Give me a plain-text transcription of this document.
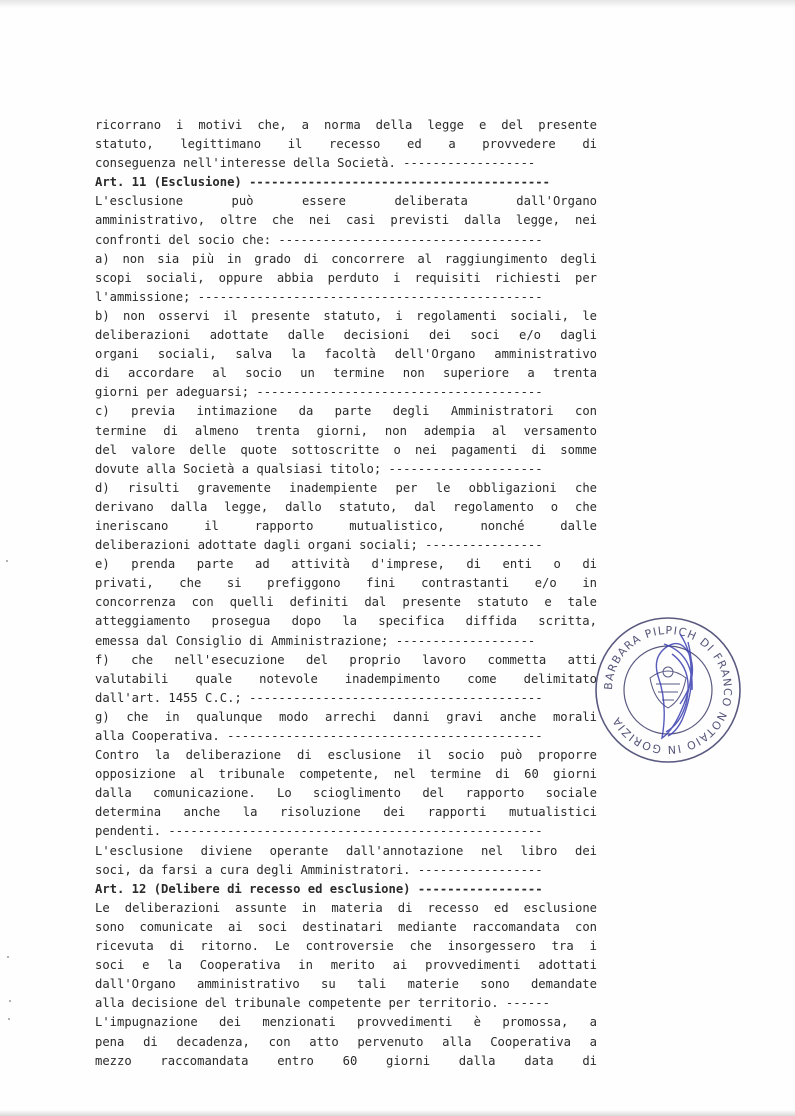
ricorrano i motivi che, a norma della legge e del presente
statuto, legittimano il recesso ed a provvedere di
conseguenza nell'interesse della Società. ------------------
Art. 11 (Esclusione) -----------------------------------------
L'esclusione può essere deliberata dall'Organo
amministrativo, oltre che nei casi previsti dalla legge, nei
confronti del socio che: ------------------------------------
a) non sia più in grado di concorrere al raggiungimento degli
scopi sociali, oppure abbia perduto i requisiti richiesti per
l'ammissione; -----------------------------------------------
b) non osservi il presente statuto, i regolamenti sociali, le
deliberazioni adottate dalle decisioni dei soci e/o dagli
organi sociali, salva la facoltà dell'Organo amministrativo
di accordare al socio un termine non superiore a trenta
giorni per adeguarsi; ---------------------------------------
c) previa intimazione da parte degli Amministratori con
termine di almeno trenta giorni, non adempia al versamento
del valore delle quote sottoscritte o nei pagamenti di somme
dovute alla Società a qualsiasi titolo; ---------------------
d) risulti gravemente inadempiente per le obbligazioni che
derivano dalla legge, dallo statuto, dal regolamento o che
ineriscano il rapporto mutualistico, nonché dalle
deliberazioni adottate dagli organi sociali; ----------------
e) prenda parte ad attività d'imprese, di enti o di
privati, che si prefiggono fini contrastanti e/o in
concorrenza con quelli definiti dal presente statuto e tale
atteggiamento prosegua dopo la specifica diffida scritta,
emessa dal Consiglio di Amministrazione; -------------------
f) che nell'esecuzione del proprio lavoro commetta atti
valutabili quale notevole inadempimento come delimitato
dall'art. 1455 C.C.; ----------------------------------------
g) che in qualunque modo arrechi danni gravi anche morali
alla Cooperativa. -------------------------------------------
Contro la deliberazione di esclusione il socio può proporre
opposizione al tribunale competente, nel termine di 60 giorni
dalla comunicazione. Lo scioglimento del rapporto sociale
determina anche la risoluzione dei rapporti mutualistici
pendenti. ---------------------------------------------------
L'esclusione diviene operante dall'annotazione nel libro dei
soci, da farsi a cura degli Amministratori. -----------------
Art. 12 (Delibere di recesso ed esclusione) -----------------
Le deliberazioni assunte in materia di recesso ed esclusione
sono comunicate ai soci destinatari mediante raccomandata con
ricevuta di ritorno. Le controversie che insorgessero tra i
soci e la Cooperativa in merito ai provvedimenti adottati
dall'Organo amministrativo su tali materie sono demandate
alla decisione del tribunale competente per territorio. ------
L'impugnazione dei menzionati provvedimenti è promossa, a
pena di decadenza, con atto pervenuto alla Cooperativa a
mezzo raccomandata entro 60 giorni dalla data di
BARBARA PILPICH DI FRANCO NOTAIO IN GORIZIA
